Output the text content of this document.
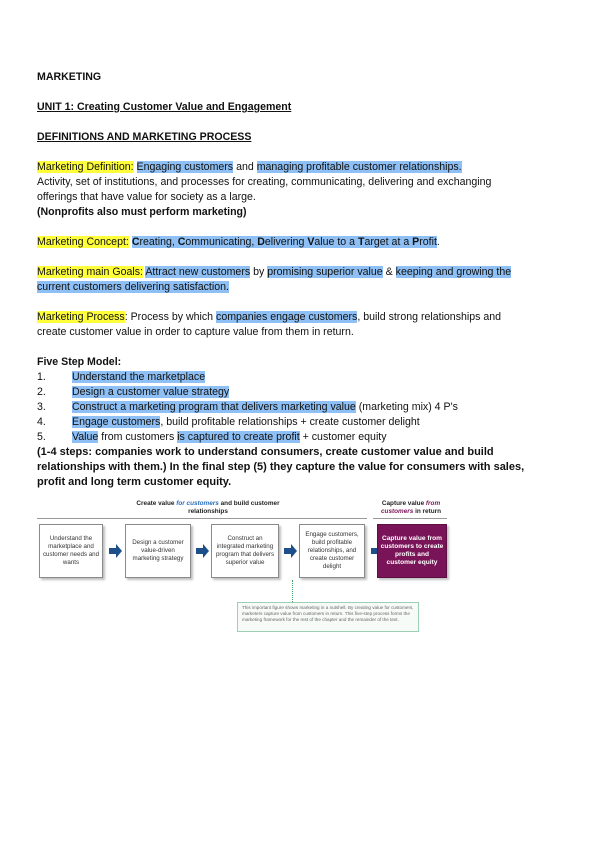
MARKETING

UNIT 1: Creating Customer Value and Engagement

DEFINITIONS AND MARKETING PROCESS

Marketing Definition: Engaging customers and managing profitable customer relationships.

Activity, set of institutions, and processes for creating, communicating, delivering and exchanging offerings that have value for society as a large.

(Nonprofits also must perform marketing)

Marketing Concept: Creating, Communicating, Delivering Value to a Target at a Profit.

Marketing main Goals: Attract new customers by promising superior value & keeping and growing the current customers delivering satisfaction.

Marketing Process: Process by which companies engage customers, build strong relationships and create customer value in order to capture value from them in return.

Five Step Model:

1. Understand the marketplace
2. Design a customer value strategy
3. Construct a marketing program that delivers marketing value (marketing mix) 4 P's
4. Engage customers, build profitable relationships + create customer delight
5. Value from customers is captured to create profit + customer equity

(1-4 steps: companies work to understand consumers, create customer value and build relationships with them.) In the final step (5) they capture the value for consumers with sales, profit and long term customer equity.

Create value for customers and build customer relationships
Capture value from customers in return
Understand the marketplace and customer needs and wants
Design a customer value-driven marketing strategy
Construct an integrated marketing program that delivers superior value
Engage customers, build profitable relationships, and create customer delight
Capture value from customers to create profits and customer equity
This important figure shows marketing in a nutshell. By creating value for customers, marketers capture value from customers in return. This five-step process forms the marketing framework for the rest of the chapter and the remainder of the text.
